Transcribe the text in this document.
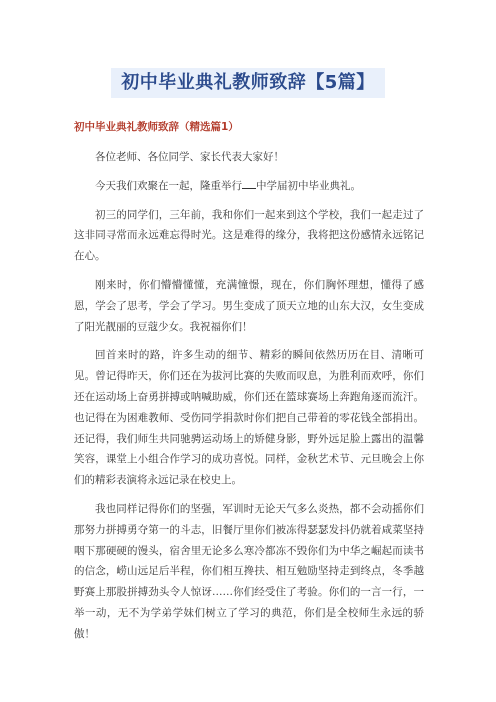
初中毕业典礼教师致辞【5篇】
初中毕业典礼教师致辞（精选篇1）

各位老师、各位同学、家长代表大家好！

今天我们欢聚在一起，隆重举行 中学届初中毕业典礼。

初三的同学们，三年前，我和你们一起来到这个学校，我们一起走过了这非同寻常而永远难忘得时光。这是难得的缘分，我将把这份感情永远铭记在心。

刚来时，你们懵懵懂懂，充满憧憬，现在，你们胸怀理想，懂得了感恩，学会了思考，学会了学习。男生变成了顶天立地的山东大汉，女生变成了阳光靓丽的豆蔻少女。我祝福你们！

回首来时的路，许多生动的细节、精彩的瞬间依然历历在目、清晰可见。曾记得昨天，你们还在为拔河比赛的失败而叹息，为胜利而欢呼，你们还在运动场上奋勇拼搏或呐喊助威，你们还在篮球赛场上奔跑角逐而流汗。也记得在为困难教师、受伤同学捐款时你们把自己带着的零花钱全部捐出。还记得，我们师生共同驰骋运动场上的矫健身影，野外远足脸上露出的温馨笑容，课堂上小组合作学习的成功喜悦。同样，金秋艺术节、元旦晚会上你们的精彩表演将永远记录在校史上。

我也同样记得你们的坚强，军训时无论天气多么炎热，都不会动摇你们那努力拼搏勇夺第一的斗志，旧餐厅里你们被冻得瑟瑟发抖仍就着咸菜坚持咽下那硬硬的馒头，宿舍里无论多么寒冷都冻不毁你们为中华之崛起而读书的信念，崂山远足后半程，你们相互搀扶、相互勉励坚持走到终点，冬季越野赛上那股拼搏劲头令人惊讶……你们经受住了考验。你们的一言一行，一举一动，无不为学弟学妹们树立了学习的典范，你们是全校师生永远的骄傲！
